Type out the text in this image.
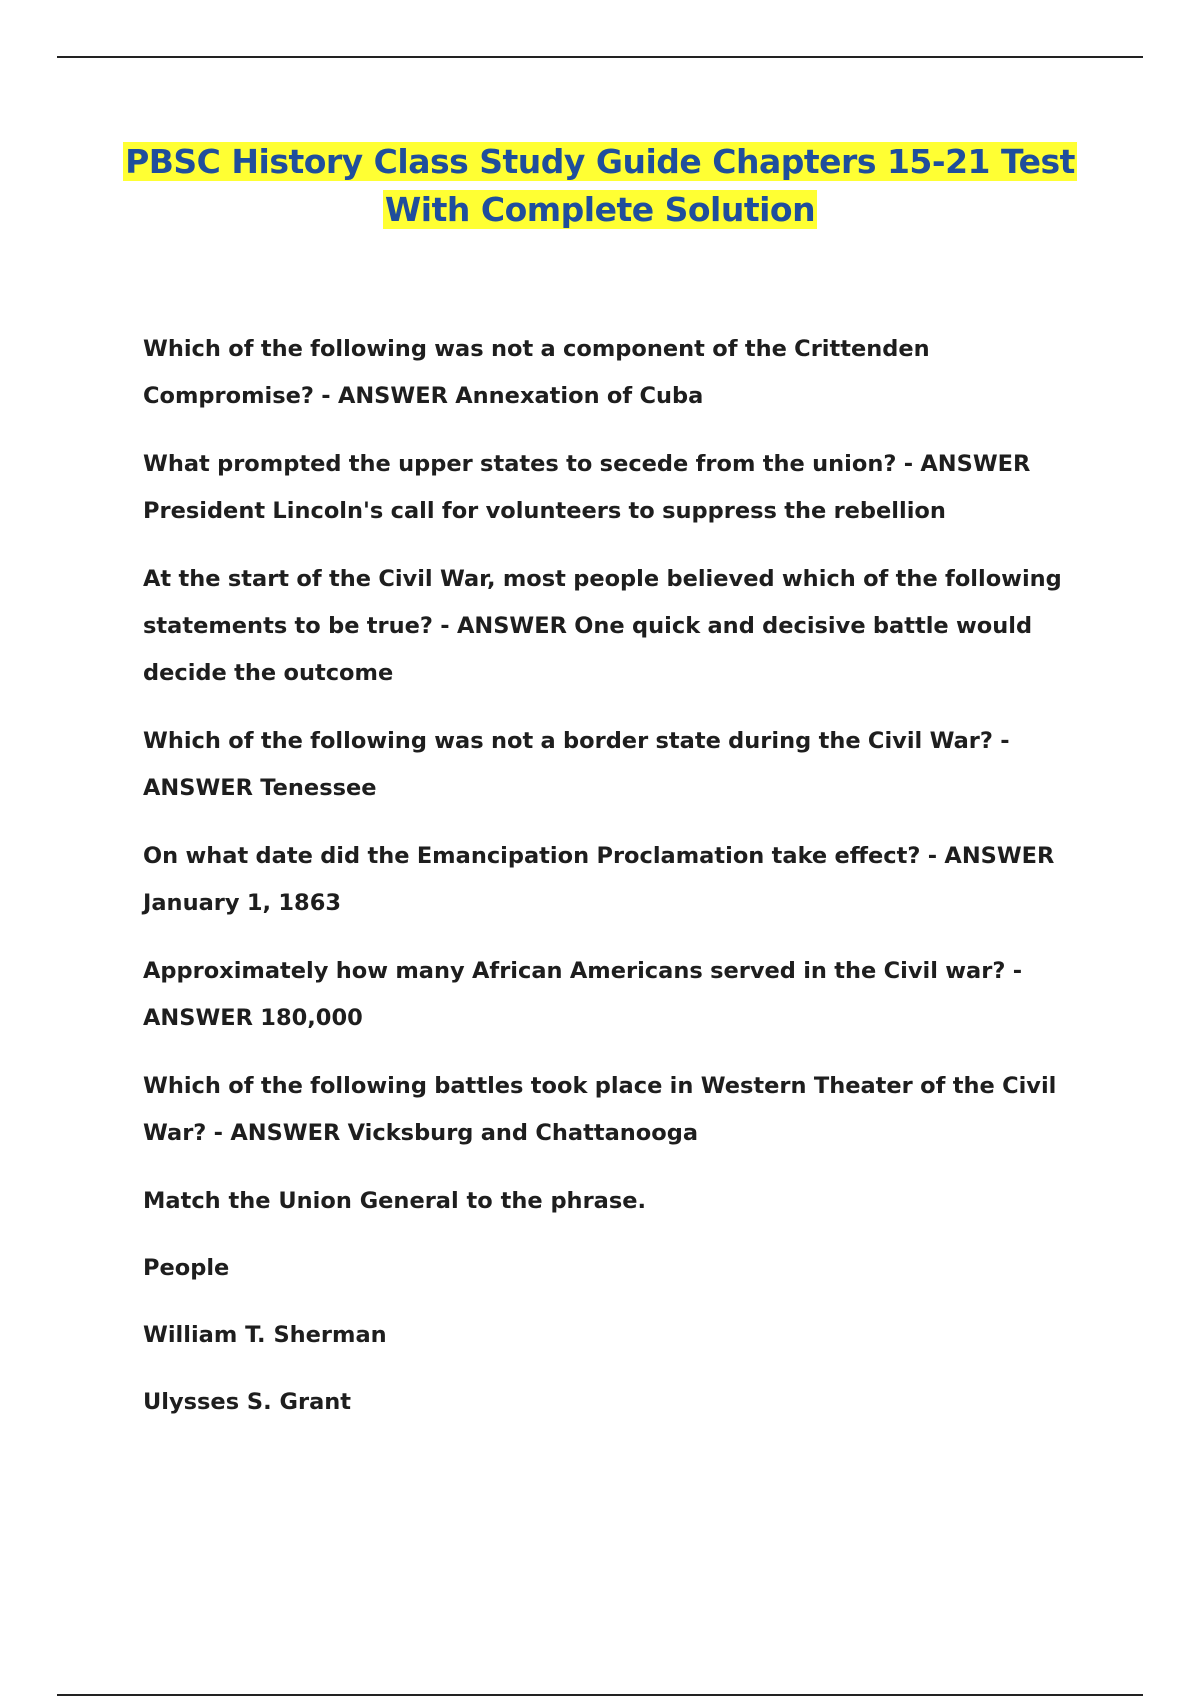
PBSC History Class Study Guide Chapters 15-21 Test
With Complete Solution

Which of the following was not a component of the Crittenden Compromise? - ANSWER Annexation of Cuba

What prompted the upper states to secede from the union? - ANSWER President Lincoln's call for volunteers to suppress the rebellion

At the start of the Civil War, most people believed which of the following statements to be true? - ANSWER One quick and decisive battle would decide the outcome

Which of the following was not a border state during the Civil War? - ANSWER Tenessee

On what date did the Emancipation Proclamation take effect? - ANSWER January 1, 1863

Approximately how many African Americans served in the Civil war? - ANSWER 180,000

Which of the following battles took place in Western Theater of the Civil War? - ANSWER Vicksburg and Chattanooga

Match the Union General to the phrase.

People

William T. Sherman

Ulysses S. Grant
